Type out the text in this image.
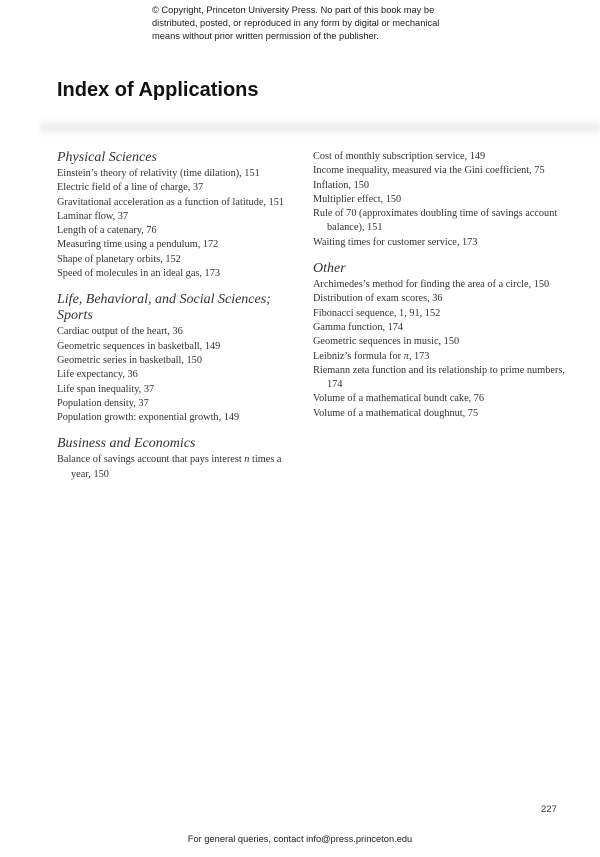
© Copyright, Princeton University Press. No part of this book may be
distributed, posted, or reproduced in any form by digital or mechanical
means without prior written permission of the publisher.
Index of Applications
Physical Sciences
Einstein’s theory of relativity (time dilation), 151
Electric field of a line of charge, 37
Gravitational acceleration as a function of latitude, 151
Laminar flow, 37
Length of a catenary, 76
Measuring time using a pendulum, 172
Shape of planetary orbits, 152
Speed of molecules in an ideal gas, 173
Life, Behavioral, and Social Sciences; Sports
Cardiac output of the heart, 36
Geometric sequences in basketball, 149
Geometric series in basketball, 150
Life expectancy, 36
Life span inequality, 37
Population density, 37
Population growth: exponential growth, 149
Business and Economics
Balance of savings account that pays interest n times a year, 150
Cost of monthly subscription service, 149
Income inequality, measured via the Gini coefficient, 75
Inflation, 150
Multiplier effect, 150
Rule of 70 (approximates doubling time of savings account balance), 151
Waiting times for customer service, 173
Other
Archimedes’s method for finding the area of a circle, 150
Distribution of exam scores, 36
Fibonacci sequence, 1, 91, 152
Gamma function, 174
Geometric sequences in music, 150
Leibniz’s formula for π, 173
Riemann zeta function and its relationship to prime numbers, 174
Volume of a mathematical bundt cake, 76
Volume of a mathematical doughnut, 75
227
For general queries, contact info@press.princeton.edu
